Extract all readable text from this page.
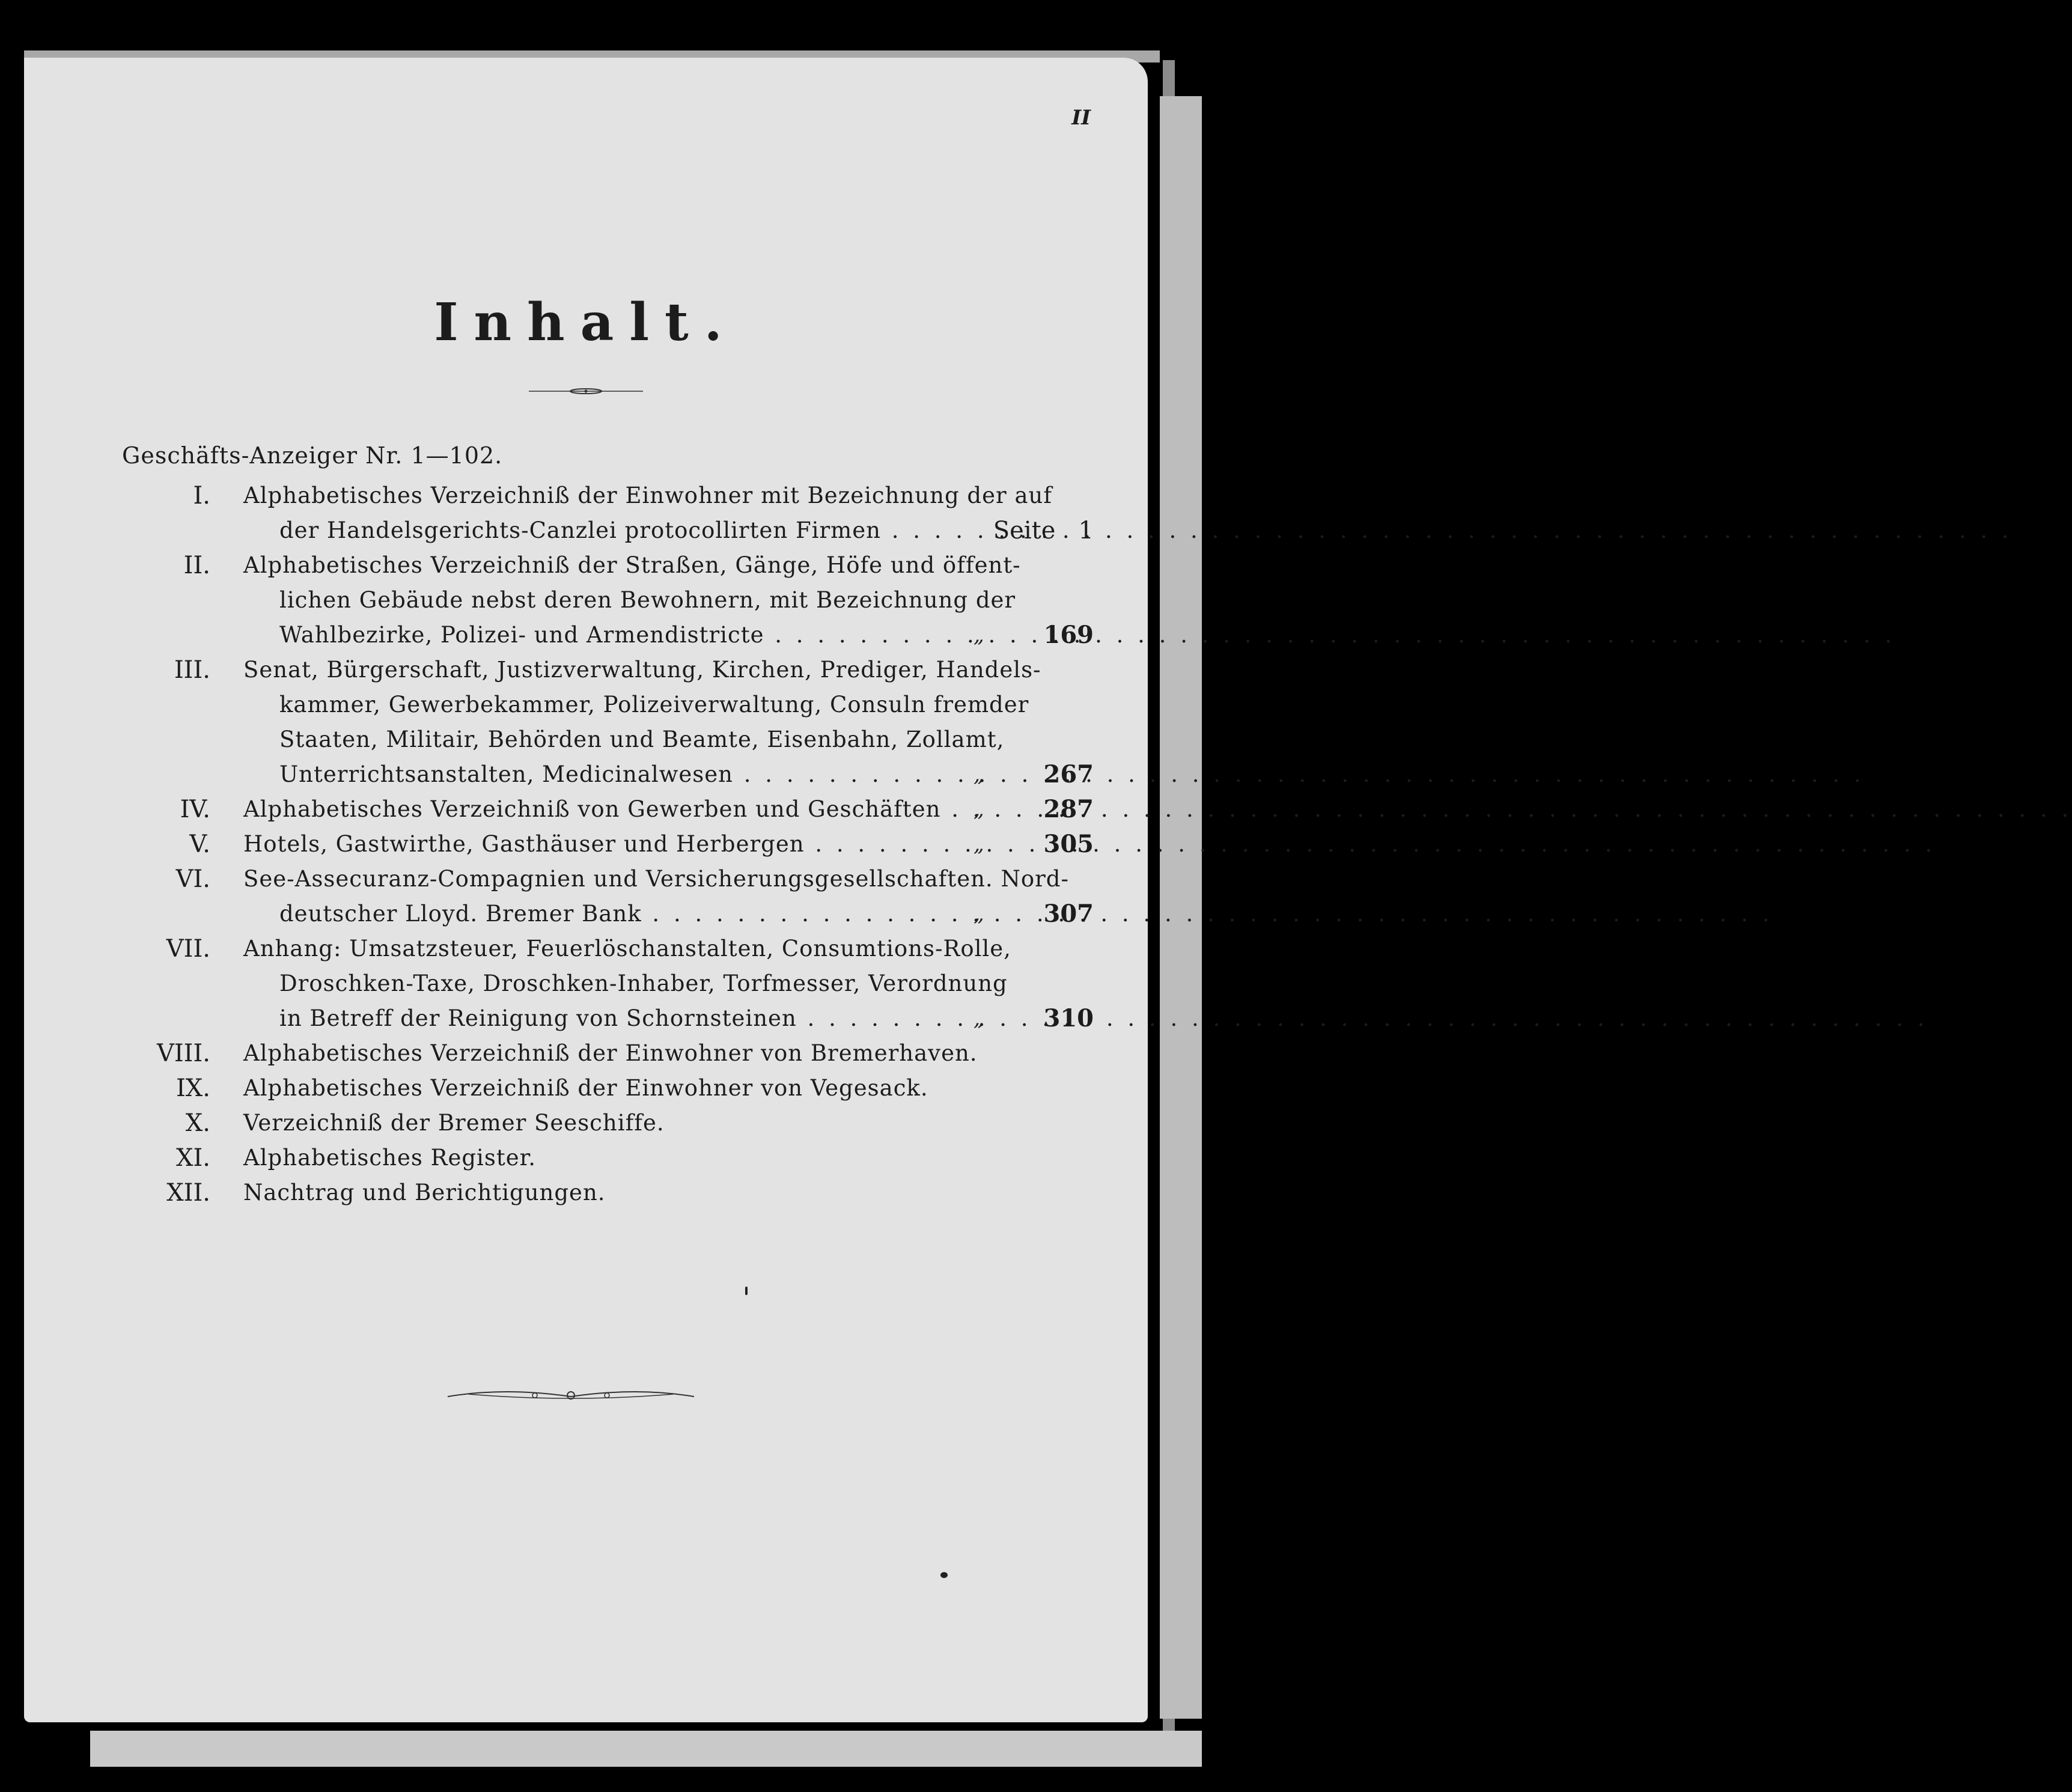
II
Inhalt.
Geschäfts-Anzeiger Nr. 1—102.
I. Alphabetisches Verzeichniß der Einwohner mit Bezeichnung der auf
der Handelsgerichts-Canzlei protocollirten Firmen . . .	Seite 1
II. Alphabetisches Verzeichniß der Straßen, Gänge, Höfe und öffent-
lichen Gebäude nebst deren Bewohnern, mit Bezeichnung der
Wahlbezirke, Polizei- und Armendistricte . . .	„	169
III. Senat, Bürgerschaft, Justizverwaltung, Kirchen, Prediger, Handels-
kammer, Gewerbekammer, Polizeiverwaltung, Consuln fremder
Staaten, Militair, Behörden und Beamte, Eisenbahn, Zollamt,
Unterrichtsanstalten, Medicinalwesen . . .	„	267
IV. Alphabetisches Verzeichniß von Gewerben und Geschäften . . .	„	287
V. Hotels, Gastwirthe, Gasthäuser und Herbergen . . .	„	305
VI. See-Assecuranz-Compagnien und Versicherungsgesellschaften. Nord-
deutscher Lloyd. Bremer Bank . . .	„	307
VII. Anhang: Umsatzsteuer, Feuerlöschanstalten, Consumtions-Rolle,
Droschken-Taxe, Droschken-Inhaber, Torfmesser, Verordnung
in Betreff der Reinigung von Schornsteinen . . .	„	310
VIII. Alphabetisches Verzeichniß der Einwohner von Bremerhaven.
IX. Alphabetisches Verzeichniß der Einwohner von Vegesack.
X. Verzeichniß der Bremer Seeschiffe.
XI. Alphabetisches Register.
XII. Nachtrag und Berichtigungen.
